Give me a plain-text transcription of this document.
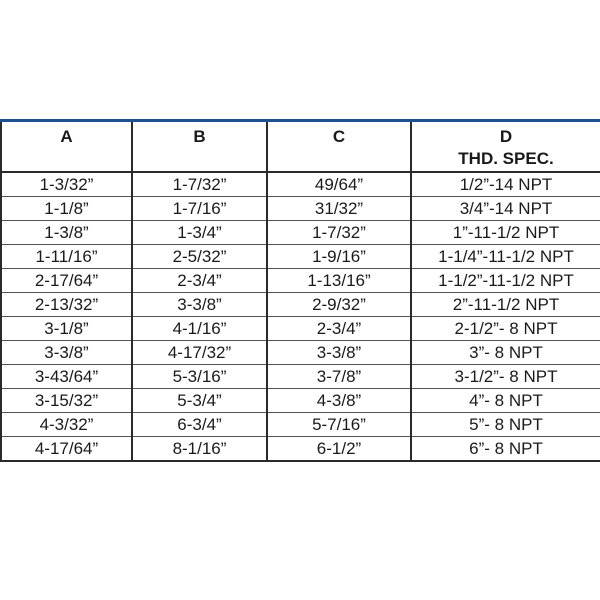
A	B	C	D
THD. SPEC.

1-3/32”	1-7/32”	49/64”	1/2”-14 NPT
1-1/8”	1-7/16”	31/32”	3/4”-14 NPT
1-3/8”	1-3/4”	1-7/32”	1”-11-1/2 NPT
1-11/16”	2-5/32”	1-9/16”	1-1/4”-11-1/2 NPT
2-17/64”	2-3/4”	1-13/16”	1-1/2”-11-1/2 NPT
2-13/32”	3-3/8”	2-9/32”	2”-11-1/2 NPT
3-1/8”	4-1/16”	2-3/4”	2-1/2”- 8 NPT
3-3/8”	4-17/32”	3-3/8”	3”- 8 NPT
3-43/64”	5-3/16”	3-7/8”	3-1/2”- 8 NPT
3-15/32”	5-3/4”	4-3/8”	4”- 8 NPT
4-3/32”	6-3/4”	5-7/16”	5”- 8 NPT
4-17/64”	8-1/16”	6-1/2”	6”- 8 NPT
